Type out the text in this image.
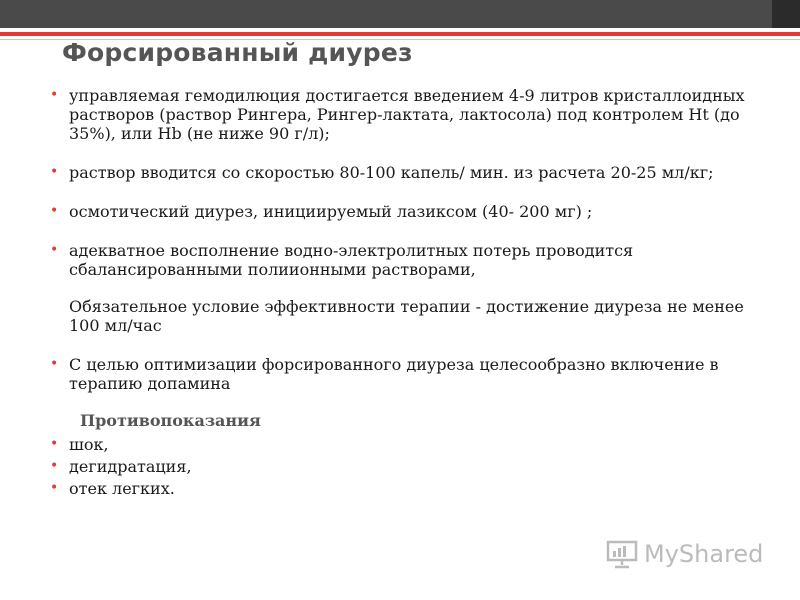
Форсированный диурез
• управляемая гемодилюция достигается введением 4-9 литров кристаллоидных растворов (раствор Рингера, Рингер-лактата, лактосола) под контролем Ht (до 35%), или Hb (не ниже 90 г/л);
• раствор вводится со скоростью 80-100 капель/ мин. из расчета 20-25 мл/кг;
• осмотический диурез, инициируемый лазиксом (40- 200 мг) ;
• адекватное восполнение водно-электролитных потерь проводится сбалансированными полиионными растворами,
Обязательное условие эффективности терапии - достижение диуреза не менее 100 мл/час
• С целью оптимизации форсированного диуреза целесообразно включение в терапию допамина
Противопоказания
• шок,
• дегидратация,
• отек легких.
MyShared
